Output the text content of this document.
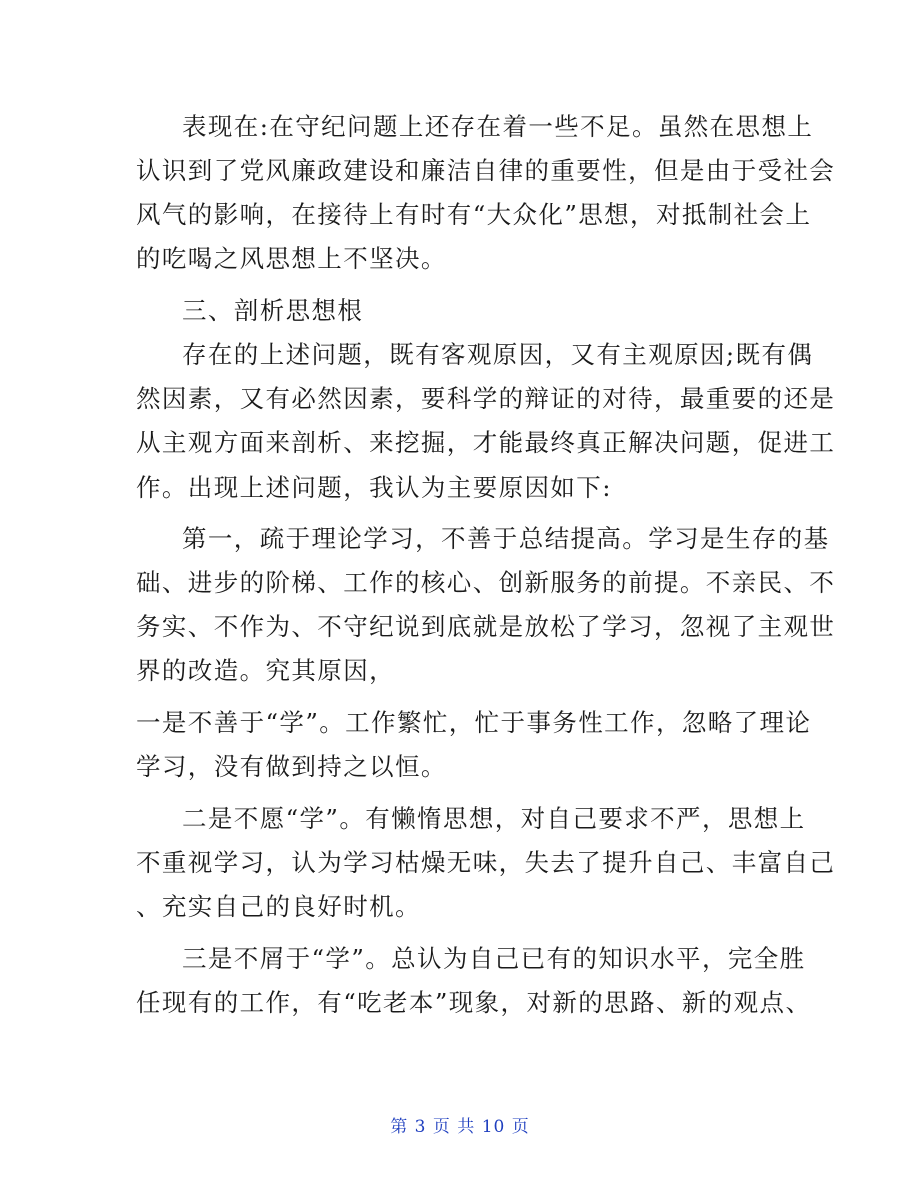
表现在:在守纪问题上还存在着一些不足。虽然在思想上
认识到了党风廉政建设和廉洁自律的重要性，但是由于受社会
风气的影响，在接待上有时有“大众化”思想，对抵制社会上
的吃喝之风思想上不坚决。
三、剖析思想根
存在的上述问题，既有客观原因，又有主观原因;既有偶
然因素，又有必然因素，要科学的辩证的对待，最重要的还是
从主观方面来剖析、来挖掘，才能最终真正解决问题，促进工
作。出现上述问题，我认为主要原因如下:
第一，疏于理论学习，不善于总结提高。学习是生存的基
础、进步的阶梯、工作的核心、创新服务的前提。不亲民、不
务实、不作为、不守纪说到底就是放松了学习，忽视了主观世
界的改造。究其原因，
一是不善于“学”。工作繁忙，忙于事务性工作，忽略了理论
学习，没有做到持之以恒。
二是不愿“学”。有懒惰思想，对自己要求不严，思想上
不重视学习，认为学习枯燥无味，失去了提升自己、丰富自己
、充实自己的良好时机。
三是不屑于“学”。总认为自己已有的知识水平，完全胜
任现有的工作，有“吃老本”现象，对新的思路、新的观点、
第 3 页 共 10 页
